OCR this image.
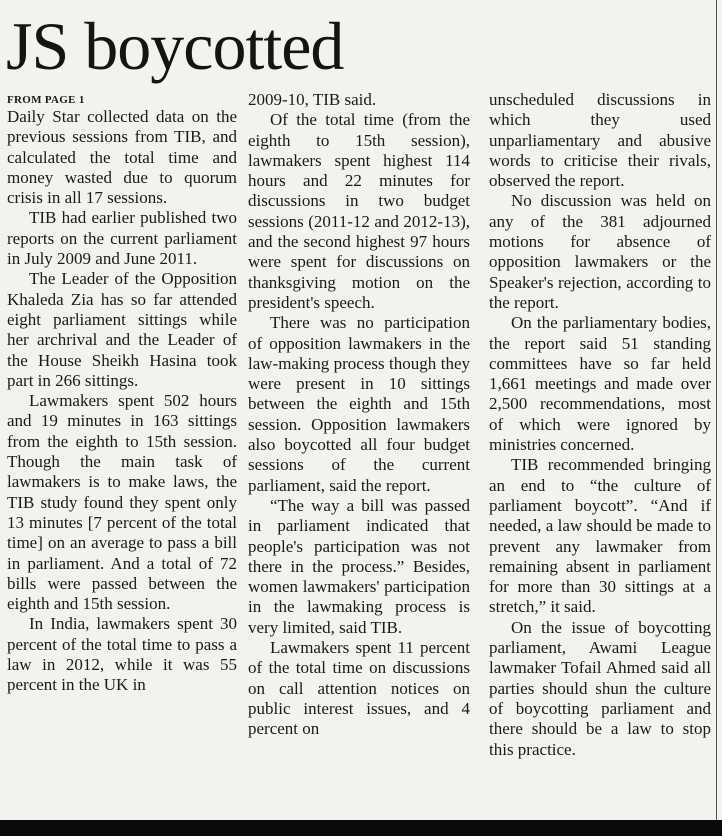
JS boycotted
FROM PAGE 1

Daily Star collected data on the previous sessions from TIB, and calculated the total time and money wasted due to quorum crisis in all 17 sessions.

TIB had earlier published two reports on the current parliament in July 2009 and June 2011.

The Leader of the Opposition Khaleda Zia has so far attended eight parliament sittings while her archrival and the Leader of the House Sheikh Hasina took part in 266 sittings.

Lawmakers spent 502 hours and 19 minutes in 163 sittings from the eighth to 15th session. Though the main task of lawmakers is to make laws, the TIB study found they spent only 13 minutes [7 percent of the total time] on an average to pass a bill in parliament. And a total of 72 bills were passed between the eighth and 15th session.

In India, lawmakers spent 30 percent of the total time to pass a law in 2012, while it was 55 percent in the UK in

2009-10, TIB said.

Of the total time (from the eighth to 15th session), lawmakers spent highest 114 hours and 22 minutes for discussions in two budget sessions (2011-12 and 2012-13), and the second highest 97 hours were spent for discussions on thanksgiving motion on the president's speech.

There was no participation of opposition lawmakers in the law-making process though they were present in 10 sittings between the eighth and 15th session. Opposition lawmakers also boycotted all four budget sessions of the current parliament, said the report.

“The way a bill was passed in parliament indicated that people's participation was not there in the process.” Besides, women lawmakers' participation in the lawmaking process is very limited, said TIB.

Lawmakers spent 11 percent of the total time on discussions on call attention notices on public interest issues, and 4 percent on

unscheduled discussions in which they used unparliamentary and abusive words to criticise their rivals, observed the report.

No discussion was held on any of the 381 adjourned motions for absence of opposition lawmakers or the Speaker's rejection, according to the report.

On the parliamentary bodies, the report said 51 standing committees have so far held 1,661 meetings and made over 2,500 recommendations, most of which were ignored by ministries concerned.

TIB recommended bringing an end to “the culture of parliament boycott”. “And if needed, a law should be made to prevent any lawmaker from remaining absent in parliament for more than 30 sittings at a stretch,” it said.

On the issue of boycotting parliament, Awami League lawmaker Tofail Ahmed said all parties should shun the culture of boycotting parliament and there should be a law to stop this practice.
